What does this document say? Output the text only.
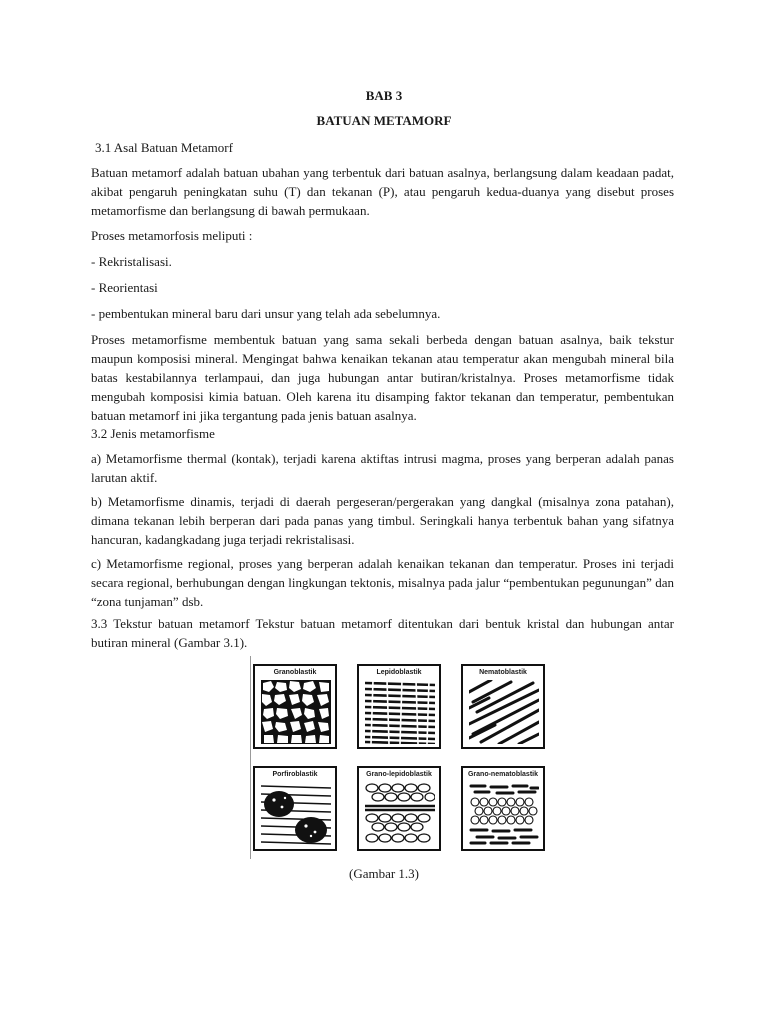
BAB 3
BATUAN METAMORF
3.1 Asal Batuan Metamorf
Batuan metamorf adalah batuan ubahan yang terbentuk dari batuan asalnya, berlangsung dalam keadaan padat, akibat pengaruh peningkatan suhu (T) dan tekanan (P), atau pengaruh kedua-duanya yang disebut proses metamorfisme dan berlangsung di bawah permukaan.
Proses metamorfosis meliputi :
- Rekristalisasi.
- Reorientasi
- pembentukan mineral baru dari unsur yang telah ada sebelumnya.
Proses metamorfisme membentuk batuan yang sama sekali berbeda dengan batuan asalnya, baik tekstur maupun komposisi mineral. Mengingat bahwa kenaikan tekanan atau temperatur akan mengubah mineral bila batas kestabilannya terlampaui, dan juga hubungan antar butiran/kristalnya. Proses metamorfisme tidak mengubah komposisi kimia batuan. Oleh karena itu disamping faktor tekanan dan temperatur, pembentukan batuan metamorf ini jika tergantung pada jenis batuan asalnya.
3.2 Jenis metamorfisme
a) Metamorfisme thermal (kontak), terjadi karena aktiftas intrusi magma, proses yang berperan adalah panas larutan aktif.
b) Metamorfisme dinamis, terjadi di daerah pergeseran/pergerakan yang dangkal (misalnya zona patahan), dimana tekanan lebih berperan dari pada panas yang timbul. Seringkali hanya terbentuk bahan yang sifatnya hancuran, kadangkadang juga terjadi rekristalisasi.
c) Metamorfisme regional, proses yang berperan adalah kenaikan tekanan dan temperatur. Proses ini terjadi secara regional, berhubungan dengan lingkungan tektonis, misalnya pada jalur “pembentukan pegunungan” dan “zona tunjaman” dsb.
3.3 Tekstur batuan metamorf Tekstur batuan metamorf ditentukan dari bentuk kristal dan hubungan antar butiran mineral (Gambar 3.1).
Granoblastik	Lepidoblastik	Nematoblastik
Porfiroblastik	Grano-lepidoblastik	Grano-nematoblastik
(Gambar 1.3)
